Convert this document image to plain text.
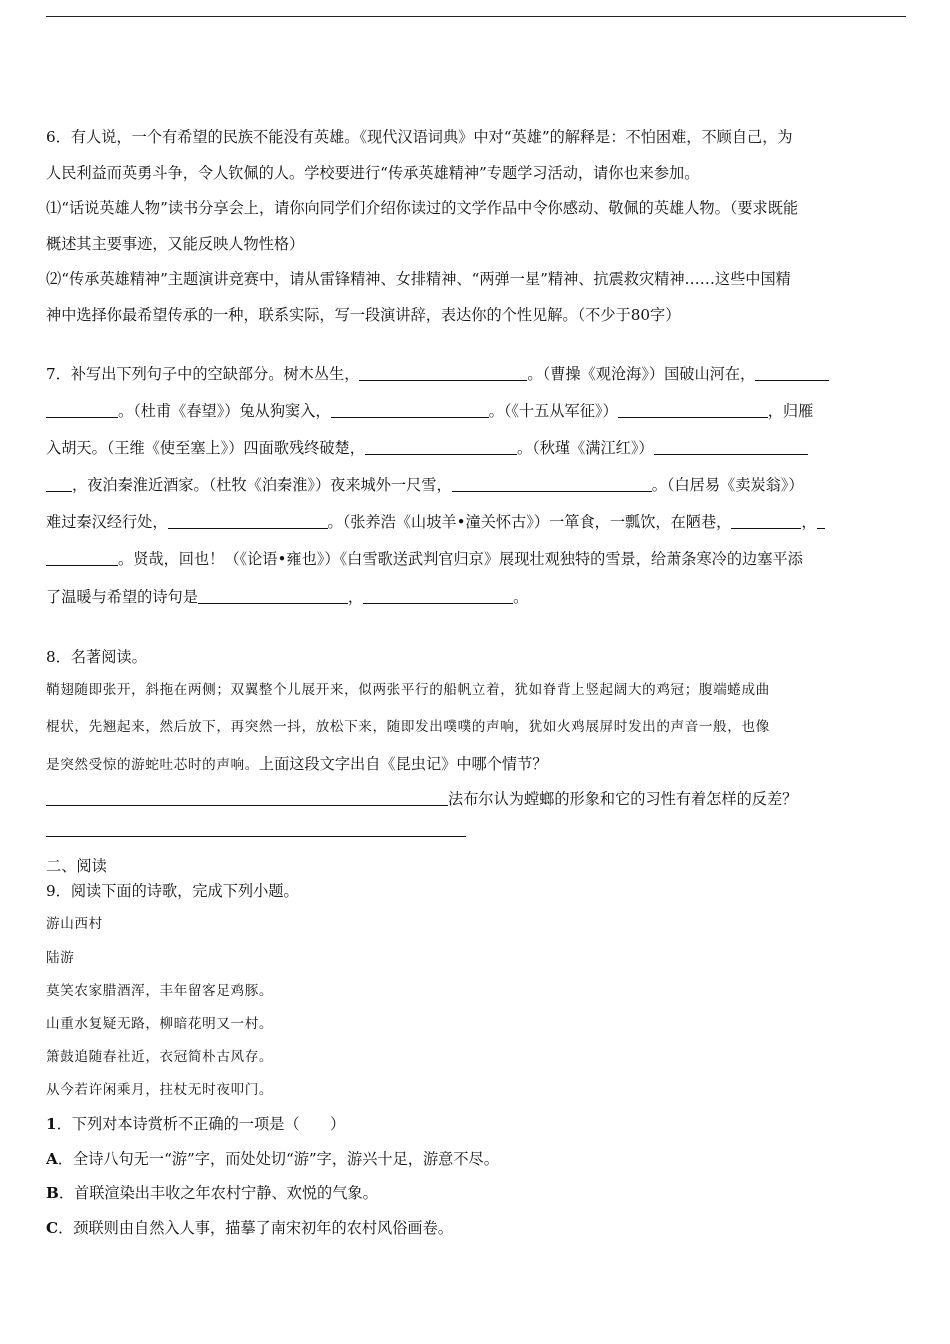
6．有人说，一个有希望的民族不能没有英雄。《现代汉语词典》中对“英雄”的解释是：不怕困难，不顾自己，为
人民利益而英勇斗争，令人钦佩的人。学校要进行“传承英雄精神”专题学习活动，请你也来参加。
⑴“话说英雄人物”读书分享会上，请你向同学们介绍你读过的文学作品中令你感动、敬佩的英雄人物。（要求既能
概述其主要事迹，又能反映人物性格）
⑵“传承英雄精神”主题演讲竞赛中，请从雷锋精神、女排精神、“两弹一星”精神、抗震救灾精神……这些中国精
神中选择你最希望传承的一种，联系实际，写一段演讲辞，表达你的个性见解。（不少于80字）
7．补写出下列句子中的空缺部分。树木丛生，	。（曹操《观沧海》）国破山河在，
。（杜甫《春望》）兔从狗窦入，	。（《十五从军征》）	，归雁
入胡天。（王维《使至塞上》）四面歌残终破楚，	。（秋瑾《满江红》）
，夜泊秦淮近酒家。（杜牧《泊秦淮》）夜来城外一尺雪，	。（白居易《卖炭翁》）
难过秦汉经行处，	。（张养浩《山坡羊•潼关怀古》）一箪食，一瓢饮，在陋巷，	，
。贤哉，回也！（《论语•雍也》）《白雪歌送武判官归京》展现壮观独特的雪景，给萧条寒冷的边塞平添
了温暖与希望的诗句是	，	。
8．名著阅读。
鞘翅随即张开，斜拖在两侧；双翼整个儿展开来，似两张平行的船帆立着，犹如脊背上竖起阔大的鸡冠；腹端蜷成曲
棍状，先翘起来，然后放下，再突然一抖，放松下来，随即发出噗噗的声响，犹如火鸡展屏时发出的声音一般，也像
是突然受惊的游蛇吐芯时的声响。上面这段文字出自《昆虫记》中哪个情节？
法布尔认为螳螂的形象和它的习性有着怎样的反差？
二、阅读
9．阅读下面的诗歌，完成下列小题。
游山西村
陆游
莫笑农家腊酒浑，丰年留客足鸡豚。
山重水复疑无路，柳暗花明又一村。
箫鼓追随春社近，衣冠简朴古风存。
从今若许闲乘月，拄杖无时夜叩门。
1．下列对本诗赏析不正确的一项是（　　）
A．全诗八句无一“游”字，而处处切“游”字，游兴十足，游意不尽。
B．首联渲染出丰收之年农村宁静、欢悦的气象。
C．颈联则由自然入人事，描摹了南宋初年的农村风俗画卷。
